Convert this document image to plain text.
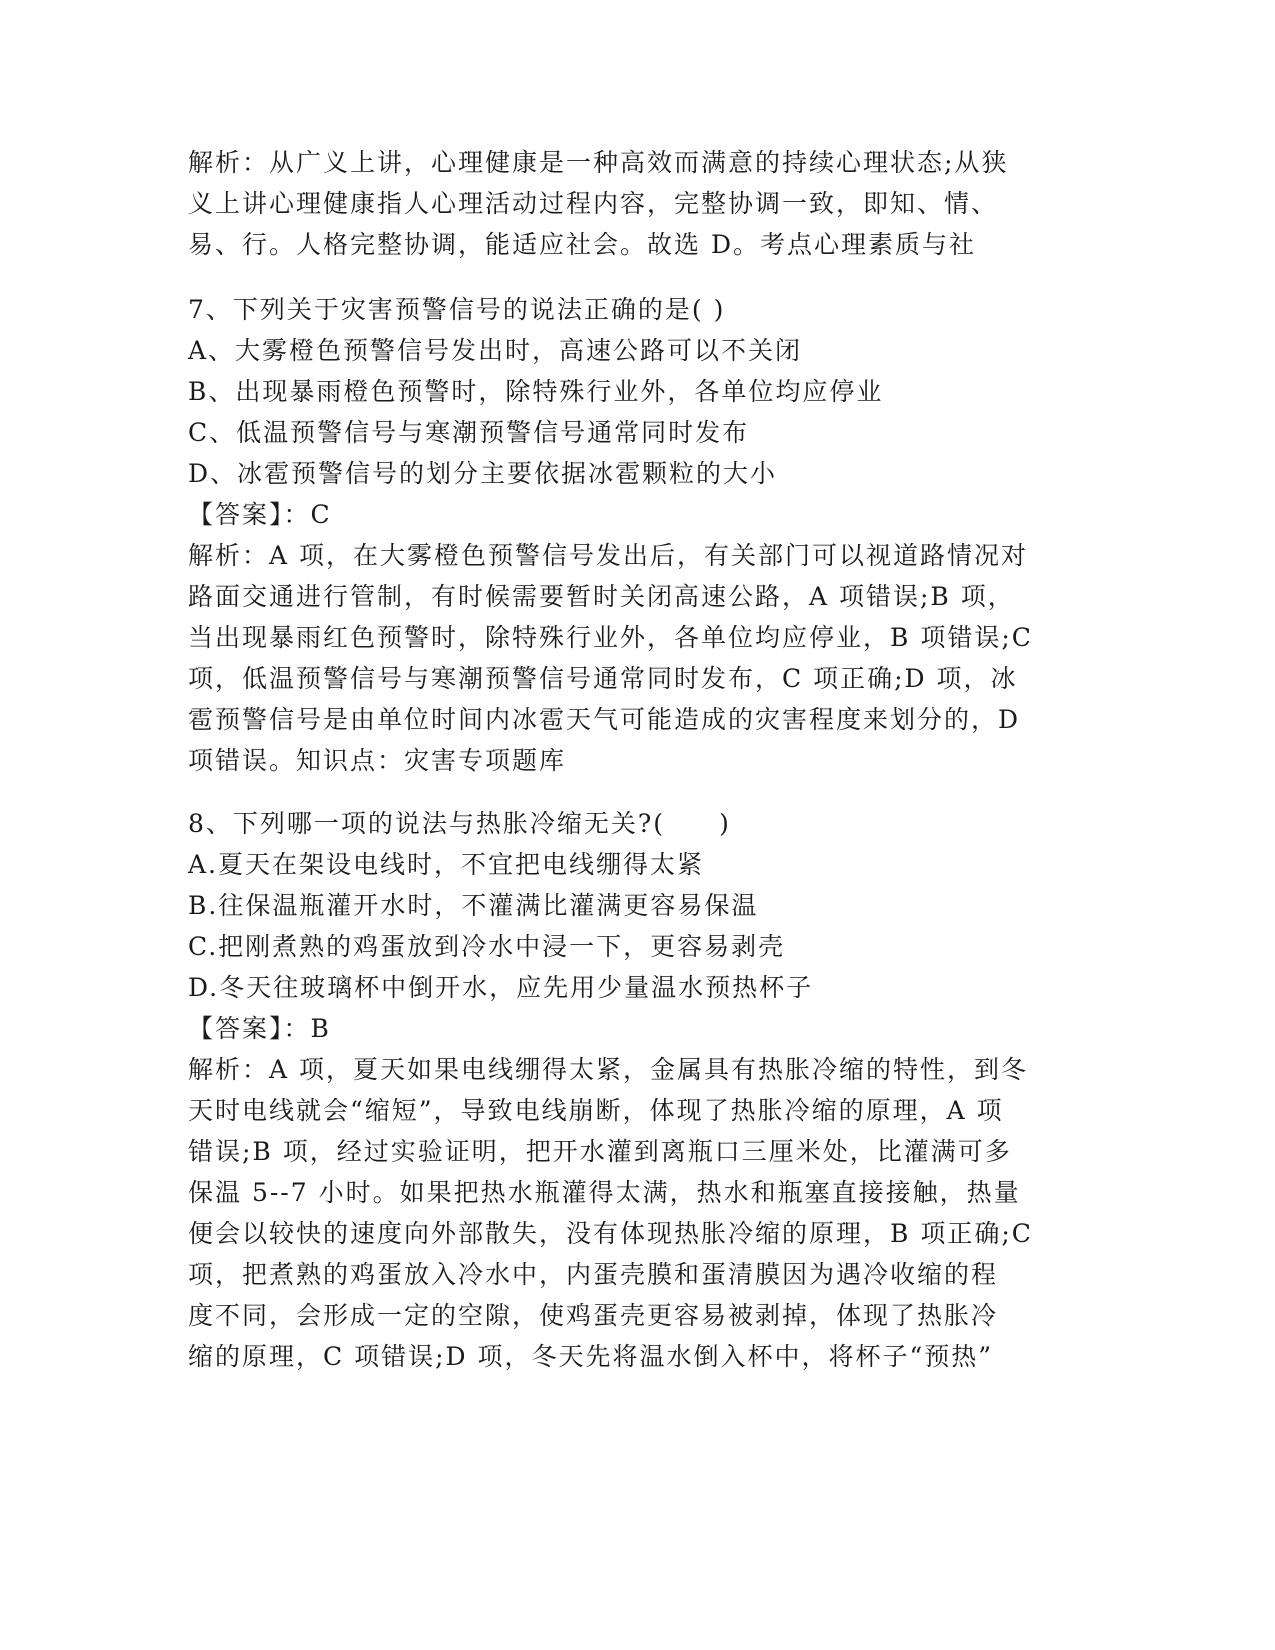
解析：从广义上讲，心理健康是一种高效而满意的持续心理状态;从狭
义上讲心理健康指人心理活动过程内容，完整协调一致，即知、情、
易、行。人格完整协调，能适应社会。故选 D。考点心理素质与社
7、下列关于灾害预警信号的说法正确的是( )
A、大雾橙色预警信号发出时，高速公路可以不关闭
B、出现暴雨橙色预警时，除特殊行业外，各单位均应停业
C、低温预警信号与寒潮预警信号通常同时发布
D、冰雹预警信号的划分主要依据冰雹颗粒的大小
【答案】：C
解析：A 项，在大雾橙色预警信号发出后，有关部门可以视道路情况对
路面交通进行管制，有时候需要暂时关闭高速公路，A 项错误;B 项，
当出现暴雨红色预警时，除特殊行业外，各单位均应停业，B 项错误;C
项，低温预警信号与寒潮预警信号通常同时发布，C 项正确;D 项，冰
雹预警信号是由单位时间内冰雹天气可能造成的灾害程度来划分的，D
项错误。知识点：灾害专项题库
8、下列哪一项的说法与热胀冷缩无关?(　　)
A.夏天在架设电线时，不宜把电线绷得太紧
B.往保温瓶灌开水时，不灌满比灌满更容易保温
C.把刚煮熟的鸡蛋放到冷水中浸一下，更容易剥壳
D.冬天往玻璃杯中倒开水，应先用少量温水预热杯子
【答案】：B
解析：A 项，夏天如果电线绷得太紧，金属具有热胀冷缩的特性，到冬
天时电线就会“缩短”，导致电线崩断，体现了热胀冷缩的原理，A 项
错误;B 项，经过实验证明，把开水灌到离瓶口三厘米处，比灌满可多
保温 5--7 小时。如果把热水瓶灌得太满，热水和瓶塞直接接触，热量
便会以较快的速度向外部散失，没有体现热胀冷缩的原理，B 项正确;C
项，把煮熟的鸡蛋放入冷水中，内蛋壳膜和蛋清膜因为遇冷收缩的程
度不同，会形成一定的空隙，使鸡蛋壳更容易被剥掉，体现了热胀冷
缩的原理，C 项错误;D 项，冬天先将温水倒入杯中，将杯子“预热”
